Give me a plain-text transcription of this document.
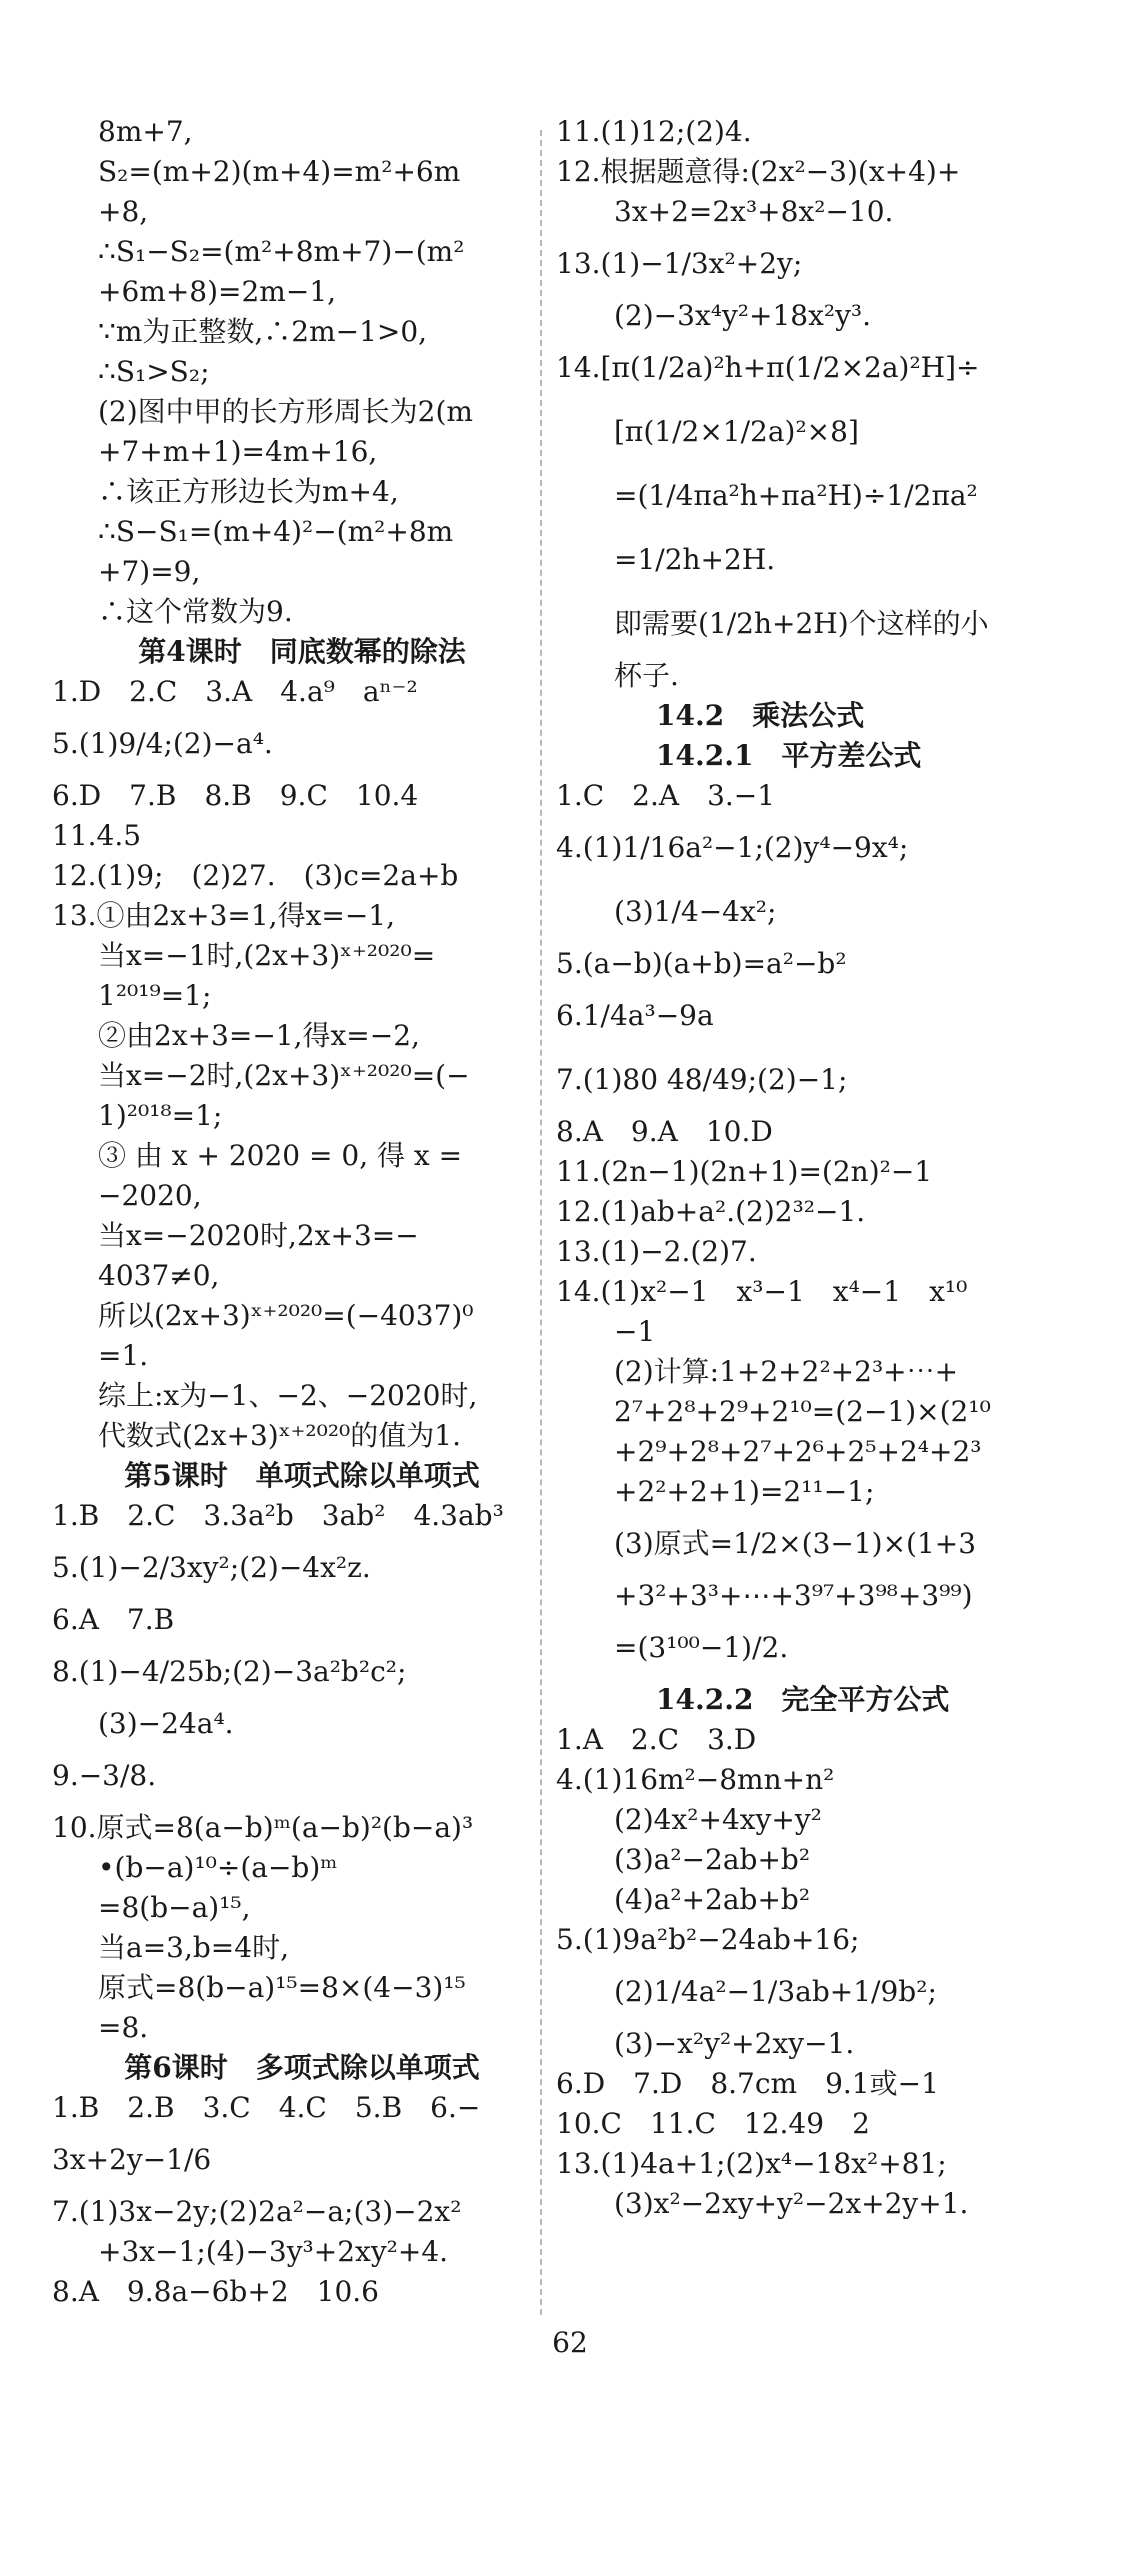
8m+7,
S₂=(m+2)(m+4)=m²+6m
+8,
∴S₁−S₂=(m²+8m+7)−(m²
+6m+8)=2m−1,
∵m为正整数,∴2m−1>0,
∴S₁>S₂;
(2)图中甲的长方形周长为2(m
+7+m+1)=4m+16,
∴该正方形边长为m+4,
∴S−S₁=(m+4)²−(m²+8m
+7)=9,
∴这个常数为9.
第4课时　同底数幂的除法
1.D　2.C　3.A　4.a⁹　aⁿ⁻²
5.(1)9/4;(2)−a⁴.
6.D　7.B　8.B　9.C　10.4
11.4.5
12.(1)9;　(2)27.　(3)c=2a+b
13.①由2x+3=1,得x=−1,
当x=−1时,(2x+3)ˣ⁺²⁰²⁰=
1²⁰¹⁹=1;
②由2x+3=−1,得x=−2,
当x=−2时,(2x+3)ˣ⁺²⁰²⁰=(−
1)²⁰¹⁸=1;
③ 由 x + 2020 = 0, 得 x =
−2020,
当x=−2020时,2x+3=−
4037≠0,
所以(2x+3)ˣ⁺²⁰²⁰=(−4037)⁰
=1.
综上:x为−1、−2、−2020时,
代数式(2x+3)ˣ⁺²⁰²⁰的值为1.
第5课时　单项式除以单项式
1.B　2.C　3.3a²b　3ab²　4.3ab³
5.(1)−2/3xy²;(2)−4x²z.
6.A　7.B
8.(1)−4/25b;(2)−3a²b²c²;
(3)−24a⁴.
9.−3/8.
10.原式=8(a−b)ᵐ(a−b)²(b−a)³
•(b−a)¹⁰÷(a−b)ᵐ
=8(b−a)¹⁵,
当a=3,b=4时,
原式=8(b−a)¹⁵=8×(4−3)¹⁵
=8.
第6课时　多项式除以单项式
1.B　2.B　3.C　4.C　5.B　6.−
3x+2y−1/6
7.(1)3x−2y;(2)2a²−a;(3)−2x²
+3x−1;(4)−3y³+2xy²+4.
8.A　9.8a−6b+2　10.6
11.(1)12;(2)4.
12.根据题意得:(2x²−3)(x+4)+
3x+2=2x³+8x²−10.
13.(1)−1/3x²+2y;
(2)−3x⁴y²+18x²y³.
14.[π(1/2a)²h+π(1/2×2a)²H]÷
[π(1/2×1/2a)²×8]
=(1/4πa²h+πa²H)÷1/2πa²
=1/2h+2H.
即需要(1/2h+2H)个这样的小
杯子.
14.2　乘法公式
14.2.1　平方差公式
1.C　2.A　3.−1
4.(1)1/16a²−1;(2)y⁴−9x⁴;
(3)1/4−4x²;
5.(a−b)(a+b)=a²−b²
6.1/4a³−9a
7.(1)80 48/49;(2)−1;
8.A　9.A　10.D
11.(2n−1)(2n+1)=(2n)²−1
12.(1)ab+a².(2)2³²−1.
13.(1)−2.(2)7.
14.(1)x²−1　x³−1　x⁴−1　x¹⁰
−1
(2)计算:1+2+2²+2³+⋯+
2⁷+2⁸+2⁹+2¹⁰=(2−1)×(2¹⁰
+2⁹+2⁸+2⁷+2⁶+2⁵+2⁴+2³
+2²+2+1)=2¹¹−1;
(3)原式=1/2×(3−1)×(1+3
+3²+3³+⋯+3⁹⁷+3⁹⁸+3⁹⁹)
=(3¹⁰⁰−1)/2.
14.2.2　完全平方公式
1.A　2.C　3.D
4.(1)16m²−8mn+n²
(2)4x²+4xy+y²
(3)a²−2ab+b²
(4)a²+2ab+b²
5.(1)9a²b²−24ab+16;
(2)1/4a²−1/3ab+1/9b²;
(3)−x²y²+2xy−1.
6.D　7.D　8.7cm　9.1或−1
10.C　11.C　12.49　2
13.(1)4a+1;(2)x⁴−18x²+81;
(3)x²−2xy+y²−2x+2y+1.
62
